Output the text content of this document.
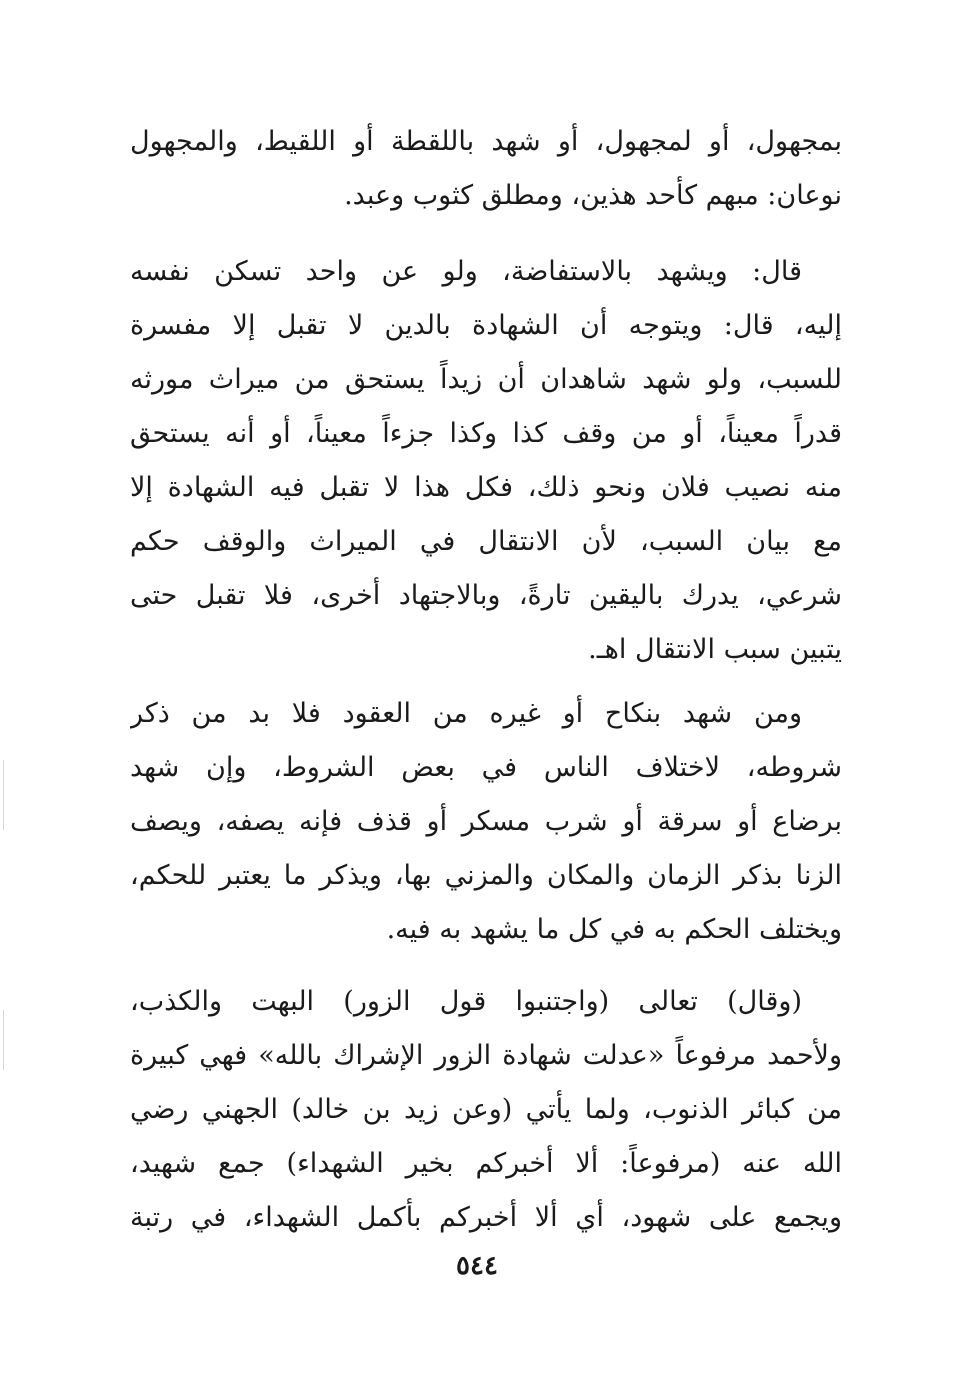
بمجهول، أو لمجهول، أو شهد باللقطة أو اللقيط، والمجهول
نوعان: مبهم كأحد هذين، ومطلق كثوب وعبد.
قال: ويشهد بالاستفاضة، ولو عن واحد تسكن نفسه
إليه، قال: ويتوجه أن الشهادة بالدين لا تقبل إلا مفسرة
للسبب، ولو شهد شاهدان أن زيداً يستحق من ميراث مورثه
قدراً معيناً، أو من وقف كذا وكذا جزءاً معيناً، أو أنه يستحق
منه نصيب فلان ونحو ذلك، فكل هذا لا تقبل فيه الشهادة إلا
مع بيان السبب، لأن الانتقال في الميراث والوقف حكم
شرعي، يدرك باليقين تارةً، وبالاجتهاد أخرى، فلا تقبل حتى
يتبين سبب الانتقال اهـ.
ومن شهد بنكاح أو غيره من العقود فلا بد من ذكر
شروطه، لاختلاف الناس في بعض الشروط، وإن شهد
برضاع أو سرقة أو شرب مسكر أو قذف فإنه يصفه، ويصف
الزنا بذكر الزمان والمكان والمزني بها، ويذكر ما يعتبر للحكم،
ويختلف الحكم به في كل ما يشهد به فيه.
(وقال) تعالى (واجتنبوا قول الزور) البهت والكذب،
ولأحمد مرفوعاً «عدلت شهادة الزور الإشراك بالله» فهي كبيرة
من كبائر الذنوب، ولما يأتي (وعن زيد بن خالد) الجهني رضي
الله عنه (مرفوعاً: ألا أخبركم بخير الشهداء) جمع شهيد،
ويجمع على شهود، أي ألا أخبركم بأكمل الشهداء، في رتبة
٥٤٤
